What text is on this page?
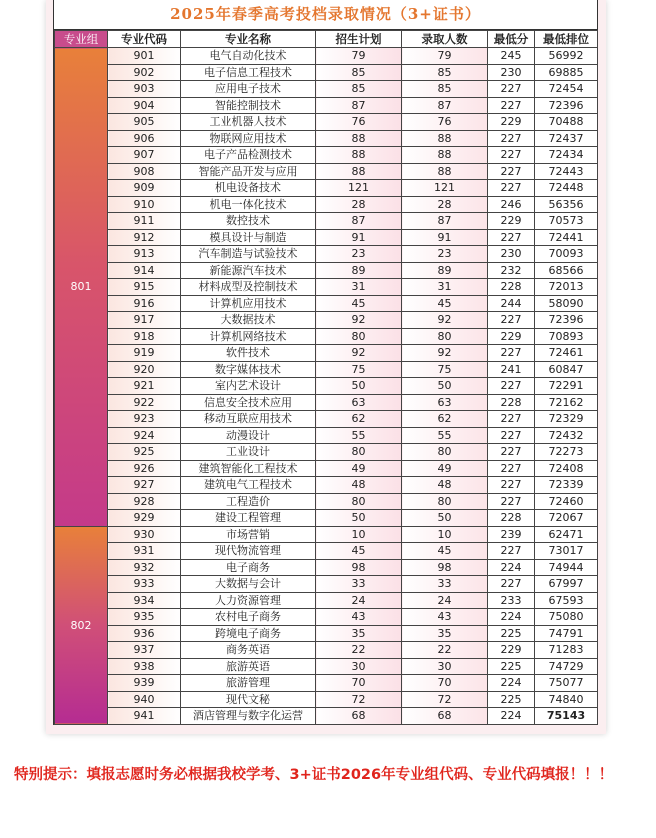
2025年春季高考投档录取情况（3+证书）
专业组	专业代码	专业名称	招生计划	录取人数	最低分	最低排位
801	901	电气自动化技术	79	79	245	56992
	902	电子信息工程技术	85	85	230	69885
	903	应用电子技术	85	85	227	72454
	904	智能控制技术	87	87	227	72396
	905	工业机器人技术	76	76	229	70488
	906	物联网应用技术	88	88	227	72437
	907	电子产品检测技术	88	88	227	72434
	908	智能产品开发与应用	88	88	227	72443
	909	机电设备技术	121	121	227	72448
	910	机电一体化技术	28	28	246	56356
	911	数控技术	87	87	229	70573
	912	模具设计与制造	91	91	227	72441
	913	汽车制造与试验技术	23	23	230	70093
	914	新能源汽车技术	89	89	232	68566
	915	材料成型及控制技术	31	31	228	72013
	916	计算机应用技术	45	45	244	58090
	917	大数据技术	92	92	227	72396
	918	计算机网络技术	80	80	229	70893
	919	软件技术	92	92	227	72461
	920	数字媒体技术	75	75	241	60847
	921	室内艺术设计	50	50	227	72291
	922	信息安全技术应用	63	63	228	72162
	923	移动互联应用技术	62	62	227	72329
	924	动漫设计	55	55	227	72432
	925	工业设计	80	80	227	72273
	926	建筑智能化工程技术	49	49	227	72408
	927	建筑电气工程技术	48	48	227	72339
	928	工程造价	80	80	227	72460
	929	建设工程管理	50	50	228	72067
802	930	市场营销	10	10	239	62471
	931	现代物流管理	45	45	227	73017
	932	电子商务	98	98	224	74944
	933	大数据与会计	33	33	227	67997
	934	人力资源管理	24	24	233	67593
	935	农村电子商务	43	43	224	75080
	936	跨境电子商务	35	35	225	74791
	937	商务英语	22	22	229	71283
	938	旅游英语	30	30	225	74729
	939	旅游管理	70	70	224	75077
	940	现代文秘	72	72	225	74840
	941	酒店管理与数字化运营	68	68	224	75143
特别提示：填报志愿时务必根据我校学考、3+证书2026年专业组代码、专业代码填报！！！
